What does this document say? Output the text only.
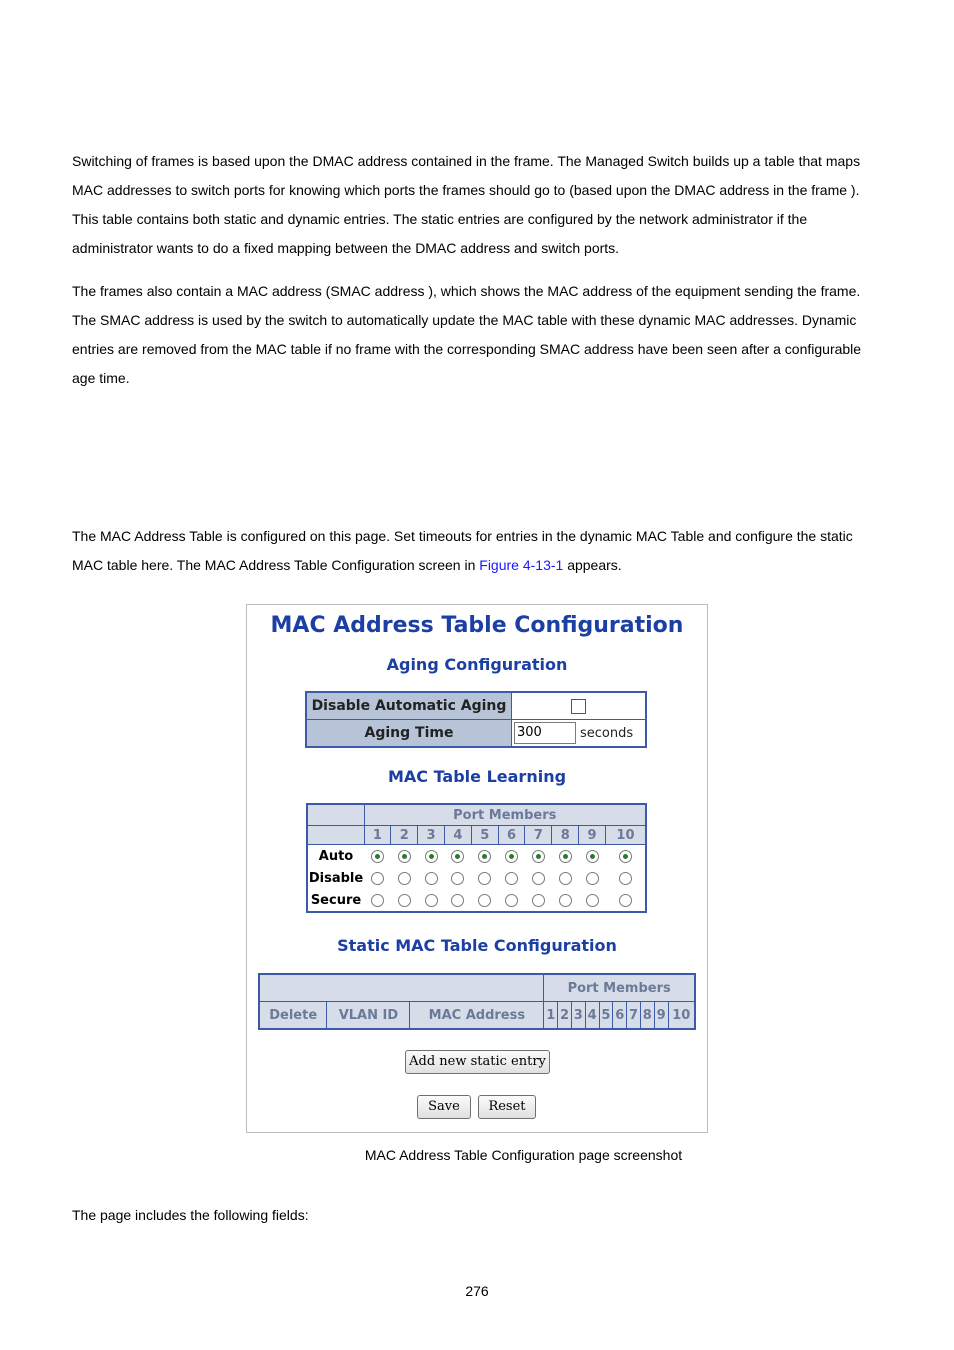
Switching of frames is based upon the DMAC address contained in the frame. The Managed Switch builds up a table that maps MAC addresses to switch ports for knowing which ports the frames should go to (based upon the DMAC address in the frame ). This table contains both static and dynamic entries. The static entries are configured by the network administrator if the administrator wants to do a fixed mapping between the DMAC address and switch ports.

The frames also contain a MAC address (SMAC address ), which shows the MAC address of the equipment sending the frame. The SMAC address is used by the switch to automatically update the MAC table with these dynamic MAC addresses. Dynamic entries are removed from the MAC table if no frame with the corresponding SMAC address have been seen after a configurable age time.

The MAC Address Table is configured on this page. Set timeouts for entries in the dynamic MAC Table and configure the static MAC table here. The MAC Address Table Configuration screen in Figure 4-13-1 appears.

MAC Address Table Configuration
Aging Configuration
Disable Automatic Aging	
Aging Time	300 seconds
MAC Table Learning
	Port Members									
	1	2	3	4	5	6	7	8	9	10
Auto										
Disable										
Secure										
Static MAC Table Configuration
			Port Members									
Delete	VLAN ID	MAC Address	1	2	3	4	5	6	7	8	9	10
Add new static entry
Save	Reset
MAC Address Table Configuration page screenshot

The page includes the following fields:

276
